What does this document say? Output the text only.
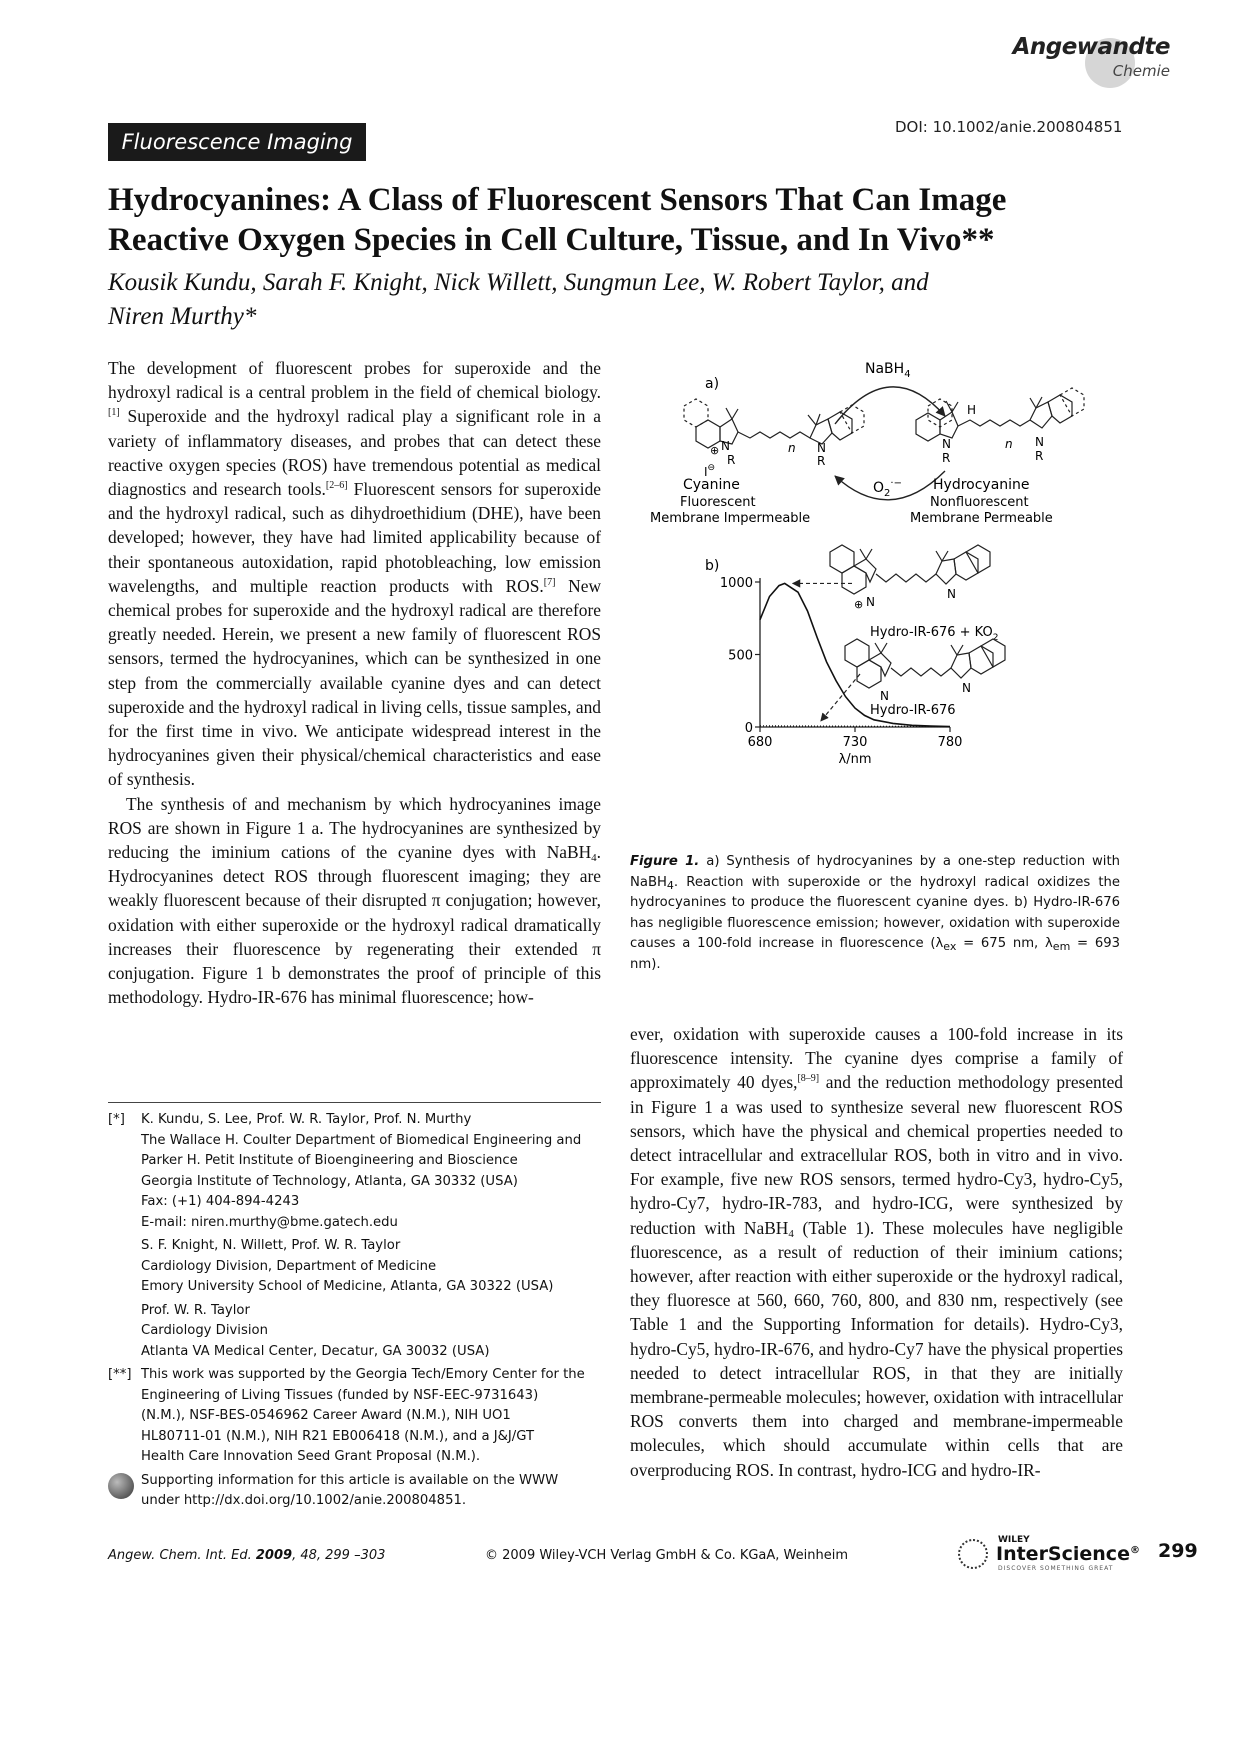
Angewandte
Chemie
DOI: 10.1002/anie.200804851
Fluorescence Imaging
Hydrocyanines: A Class of Fluorescent Sensors That Can Image
Reactive Oxygen Species in Cell Culture, Tissue, and In Vivo**
Kousik Kundu, Sarah F. Knight, Nick Willett, Sungmun Lee, W. Robert Taylor, and
Niren Murthy*

The development of fluorescent probes for superoxide and the hydroxyl radical is a central problem in the field of chemical biology.[1] Superoxide and the hydroxyl radical play a significant role in a variety of inflammatory diseases, and probes that can detect these reactive oxygen species (ROS) have tremendous potential as medical diagnostics and research tools.[2–6] Fluorescent sensors for superoxide and the hydroxyl radical, such as dihydroethidium (DHE), have been developed; however, they have had limited applicability because of their spontaneous autoxidation, rapid photobleaching, low emission wavelengths, and multiple reaction products with ROS.[7] New chemical probes for superoxide and the hydroxyl radical are therefore greatly needed. Herein, we present a new family of fluorescent ROS sensors, termed the hydrocyanines, which can be synthesized in one step from the commercially available cyanine dyes and can detect superoxide and the hydroxyl radical in living cells, tissue samples, and for the first time in vivo. We anticipate widespread interest in the hydrocyanines given their physical/chemical characteristics and ease of synthesis.

The synthesis of and mechanism by which hydrocyanines image ROS are shown in Figure 1 a. The hydrocyanines are synthesized by reducing the iminium cations of the cyanine dyes with NaBH$_4$. Hydrocyanines detect ROS through fluorescent imaging; they are weakly fluorescent because of their disrupted π conjugation; however, oxidation with either superoxide or the hydroxyl radical dramatically increases their fluorescence by regenerating their extended π conjugation. Figure 1 b demonstrates the proof of principle of this methodology. Hydro-IR-676 has minimal fluorescence; how-

[*] K. Kundu, S. Lee, Prof. W. R. Taylor, Prof. N. Murthy
The Wallace H. Coulter Department of Biomedical Engineering and
Parker H. Petit Institute of Bioengineering and Bioscience
Georgia Institute of Technology, Atlanta, GA 30332 (USA)
Fax: (+1) 404-894-4243
E-mail: niren.murthy@bme.gatech.edu
S. F. Knight, N. Willett, Prof. W. R. Taylor
Cardiology Division, Department of Medicine
Emory University School of Medicine, Atlanta, GA 30322 (USA)
Prof. W. R. Taylor
Cardiology Division
Atlanta VA Medical Center, Decatur, GA 30032 (USA)
[**] This work was supported by the Georgia Tech/Emory Center for the
Engineering of Living Tissues (funded by NSF-EEC-9731643)
(N.M.), NSF-BES-0546962 Career Award (N.M.), NIH UO1
HL80711-01 (N.M.), NIH R21 EB006418 (N.M.), and a J&J/GT
Health Care Innovation Seed Grant Proposal (N.M.).
Supporting information for this article is available on the WWW
under http://dx.doi.org/10.1002/anie.200804851.
a)
NaBH$_4$
⊕ N
R
I⊖
n N
R
H
N
R
n N
R
Cyanine
Fluorescent
Membrane Impermeable
$O_2^{\cdot-}$ Hydrocyanine
Nonfluorescent
Membrane Permeable
b)
0
500
1000
680	730	780
λ/nm
⊕ N
N
Hydro-IR-676 + $KO_2$
N
N
Hydro-IR-676
Figure 1. a) Synthesis of hydrocyanines by a one-step reduction with NaBH$_4$. Reaction with superoxide or the hydroxyl radical oxidizes the hydrocyanines to produce the fluorescent cyanine dyes. b) Hydro-IR-676 has negligible fluorescence emission; however, oxidation with superoxide causes a 100-fold increase in fluorescence ($\lambda_{ex} = 675$ nm, $\lambda_{em} = 693$ nm).

ever, oxidation with superoxide causes a 100-fold increase in its fluorescence intensity. The cyanine dyes comprise a family of approximately 40 dyes,[8–9] and the reduction methodology presented in Figure 1 a was used to synthesize several new fluorescent ROS sensors, which have the physical and chemical properties needed to detect intracellular and extracellular ROS, both in vitro and in vivo. For example, five new ROS sensors, termed hydro-Cy3, hydro-Cy5, hydro-Cy7, hydro-IR-783, and hydro-ICG, were synthesized by reduction with NaBH$_4$ (Table 1). These molecules have negligible fluorescence, as a result of reduction of their iminium cations; however, after reaction with either superoxide or the hydroxyl radical, they fluoresce at 560, 660, 760, 800, and 830 nm, respectively (see Table 1 and the Supporting Information for details). Hydro-Cy3, hydro-Cy5, hydro-IR-676, and hydro-Cy7 have the physical properties needed to detect intracellular ROS, in that they are initially membrane-permeable molecules; however, oxidation with intracellular ROS converts them into charged and membrane-impermeable molecules, which should accumulate within cells that are overproducing ROS. In contrast, hydro-ICG and hydro-IR-

Angew. Chem. Int. Ed. 2009, 48, 299 –303	© 2009 Wiley-VCH Verlag GmbH & Co. KGaA, Weinheim
WILEY
InterScience®
DISCOVER SOMETHING GREAT
299
